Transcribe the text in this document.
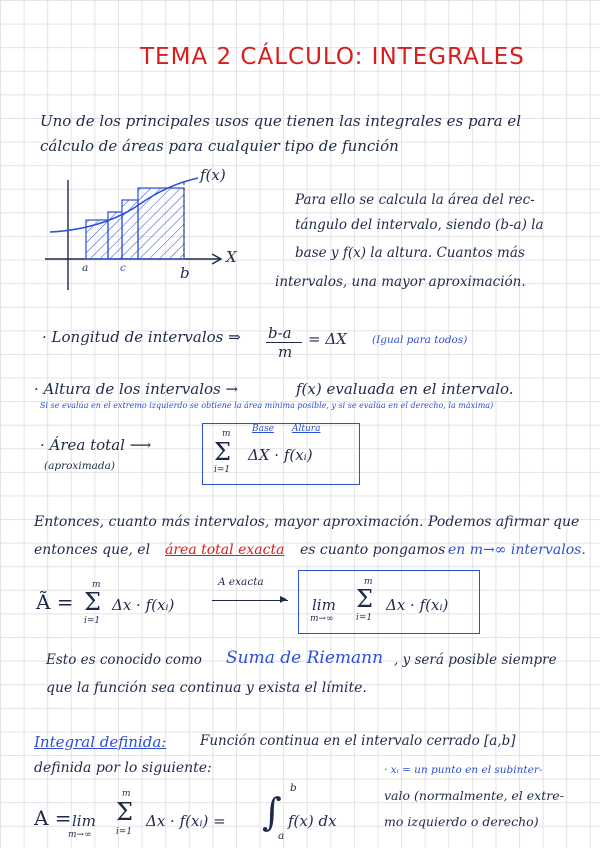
TEMA 2 CÁLCULO: INTEGRALES
Uno de los principales usos que tienen las integrales es para el
cálculo de áreas para cualquier tipo de función
f(x)
X
a	c	b
Para ello se calcula la área del rec-
tángulo del intervalo, siendo (b-a) la
base y f(x) la altura. Cuantos más
intervalos, una mayor aproximación.
· Longitud de intervalos ⇒ b-a
m
= ΔX (Igual para todos)
· Altura de los intervalos →	f(x) evaluada en el intervalo.
Si se evalúa en el extremo izquierdo se obtiene la área mínima posible, y si se evalúa en el derecho, la máxima)
· Área total ⟶
(aproximada)
m
Σ
i=1
Base Altura
ΔX · f(xᵢ)
Entonces, cuanto más intervalos, mayor aproximación. Podemos afirmar que
entonces que, el área total exacta es cuanto pongamos en m→∞ intervalos.
Ã =
m
Σ
i=1
Δx · f(xᵢ)
A exacta
▸ lim
m→∞
m
Σ
i=1
Δx · f(xᵢ)
Esto es conocido como Suma de Riemann , y será posible siempre
que la función sea continua y exista el límite.
Integral definida: Función continua en el intervalo cerrado [a,b]
definida por lo siguiente:
A = lim
m→∞
m
Σ
i=1
Δx · f(xᵢ) = ∫
b
a
f(x) dx
· xᵢ = un punto en el subinter-
valo (normalmente, el extre-
mo izquierdo o derecho)
